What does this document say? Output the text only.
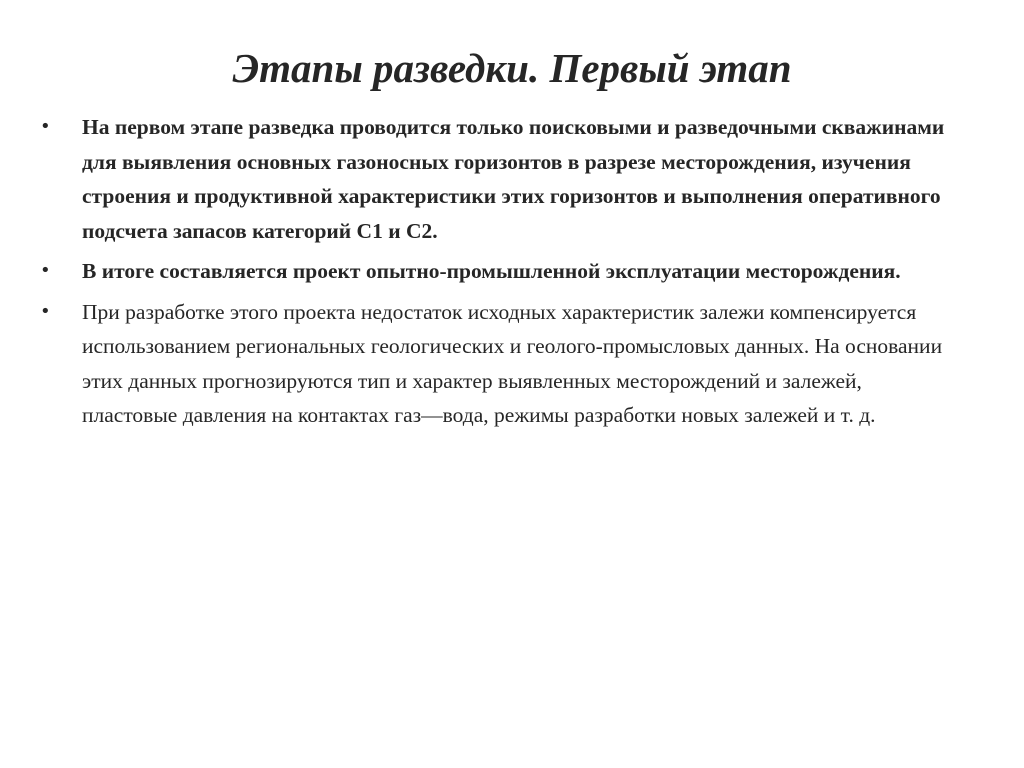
Этапы разведки. Первый этап
• На первом этапе разведка проводится только поисковыми и разведочными скважинами для выявления основных газоносных горизонтов в разрезе месторождения, изучения строения и продуктивной характеристики этих горизонтов и выполнения оперативного подсчета запасов категорий С1 и С2.
• В итоге составляется проект опытно-промышленной эксплуатации месторождения.
• При разработке этого проекта недостаток исходных характеристик залежи компенсируется использованием региональных геологических и геолого-промысловых данных. На основании этих данных прогнозируются тип и характер выявленных месторождений и залежей, пластовые давления на контактах газ—вода, режимы разработки новых залежей и т. д.
